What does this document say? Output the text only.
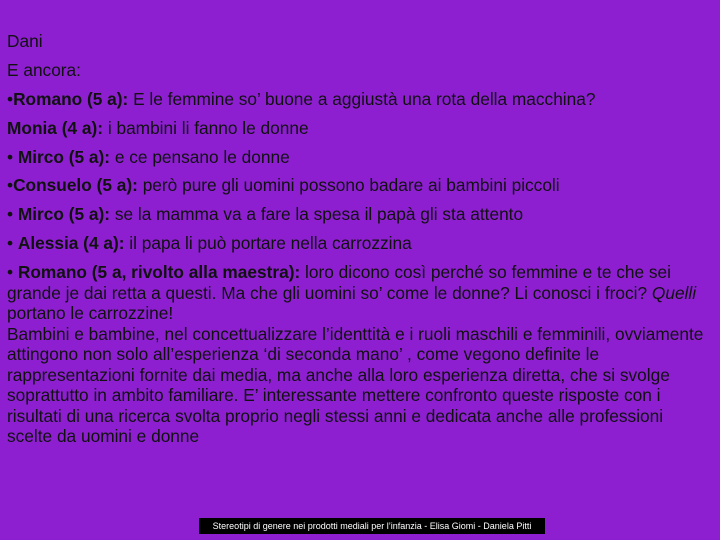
Dani

E ancora:

•Romano (5 a): E le femmine so’ buone a aggiustà una rota della macchina?

Monia (4 a): i bambini li fanno le donne

• Mirco (5 a): e ce pensano le donne

•Consuelo (5 a): però pure gli uomini possono badare ai bambini piccoli

• Mirco (5 a): se la mamma va a fare la spesa il papà gli sta attento

• Alessia (4 a): il papa li può portare nella carrozzina

• Romano (5 a, rivolto alla maestra): loro dicono così perché so femmine e te che sei grande je dai retta a questi. Ma che gli uomini so’ come le donne? Li conosci i froci? Quelli portano le carrozzine!

Bambini e bambine, nel concettualizzare l’identtità e i ruoli maschili e femminili, ovviamente attingono non solo all’esperienza ‘di seconda mano’ , come vegono definite le rappresentazioni fornite dai media, ma anche alla loro esperienza diretta, che si svolge soprattutto in ambito familiare. E’ interessante mettere confronto queste risposte con i risultati di una ricerca svolta proprio negli stessi anni e dedicata anche alle professioni scelte da uomini e donne

Stereotipi di genere nei prodotti mediali per l’infanzia - Elisa Giomi - Daniela Pitti
